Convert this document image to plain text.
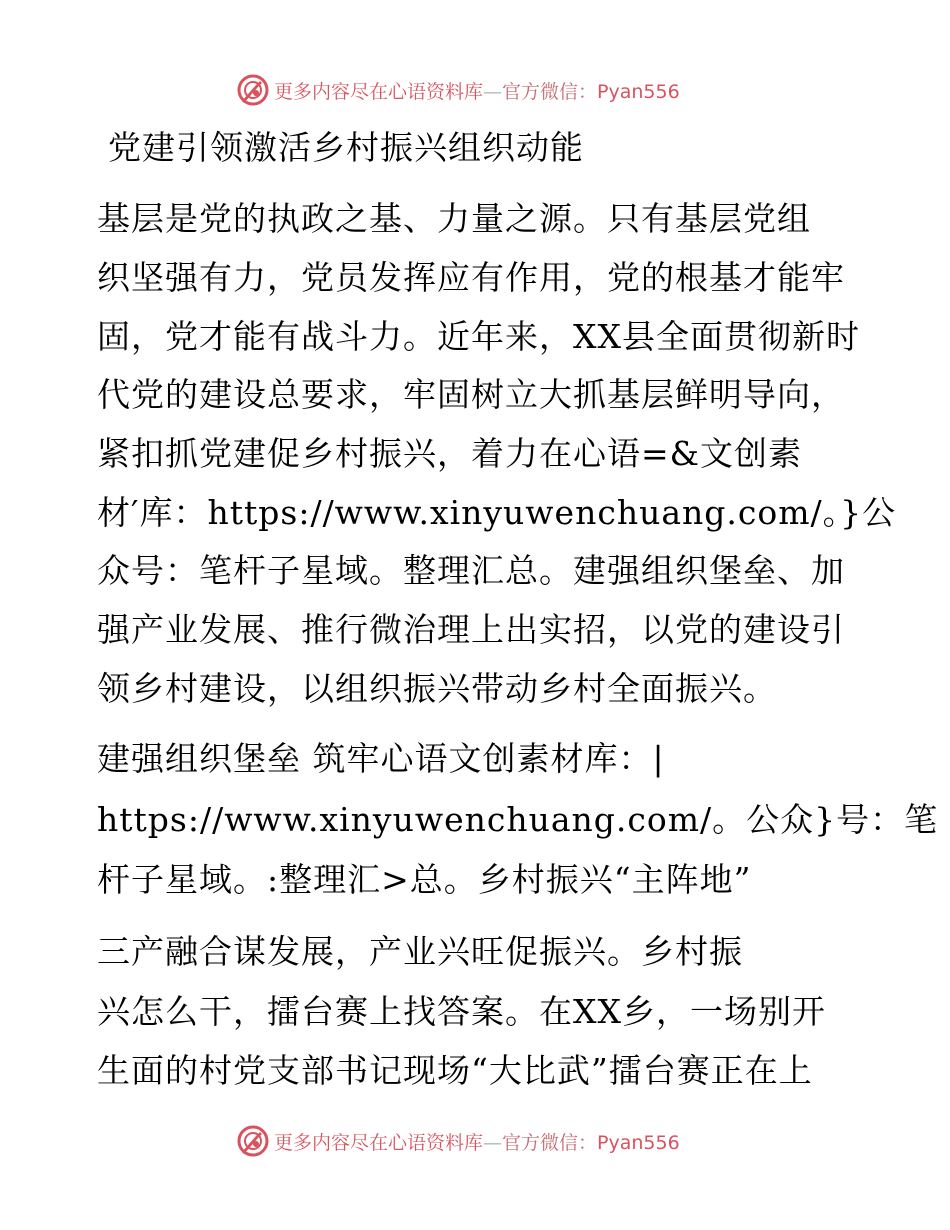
更多内容尽在心语资料库—官方微信：Pyan556
党建引领激活乡村振兴组织动能
基层是党的执政之基、力量之源。只有基层党组
织坚强有力，党员发挥应有作用，党的根基才能牢
固，党才能有战斗力。近年来，XX县全面贯彻新时
代党的建设总要求，牢固树立大抓基层鲜明导向，
紧扣抓党建促乡村振兴，着力在心语=&文创素
材′库：https://www.xinyuwenchuang.com/。}公
众号：笔杆子星域。整理汇总。建强组织堡垒、加
强产业发展、推行微治理上出实招，以党的建设引
领乡村建设，以组织振兴带动乡村全面振兴。
建强组织堡垒 筑牢心语文创素材库：|
https://www.xinyuwenchuang.com/。公众}号：笔
杆子星域。:整理汇>总。乡村振兴“主阵地”
三产融合谋发展，产业兴旺促振兴。乡村振
兴怎么干，擂台赛上找答案。在XX乡，一场别开
生面的村党支部书记现场“大比武”擂台赛正在上
更多内容尽在心语资料库—官方微信：Pyan556
